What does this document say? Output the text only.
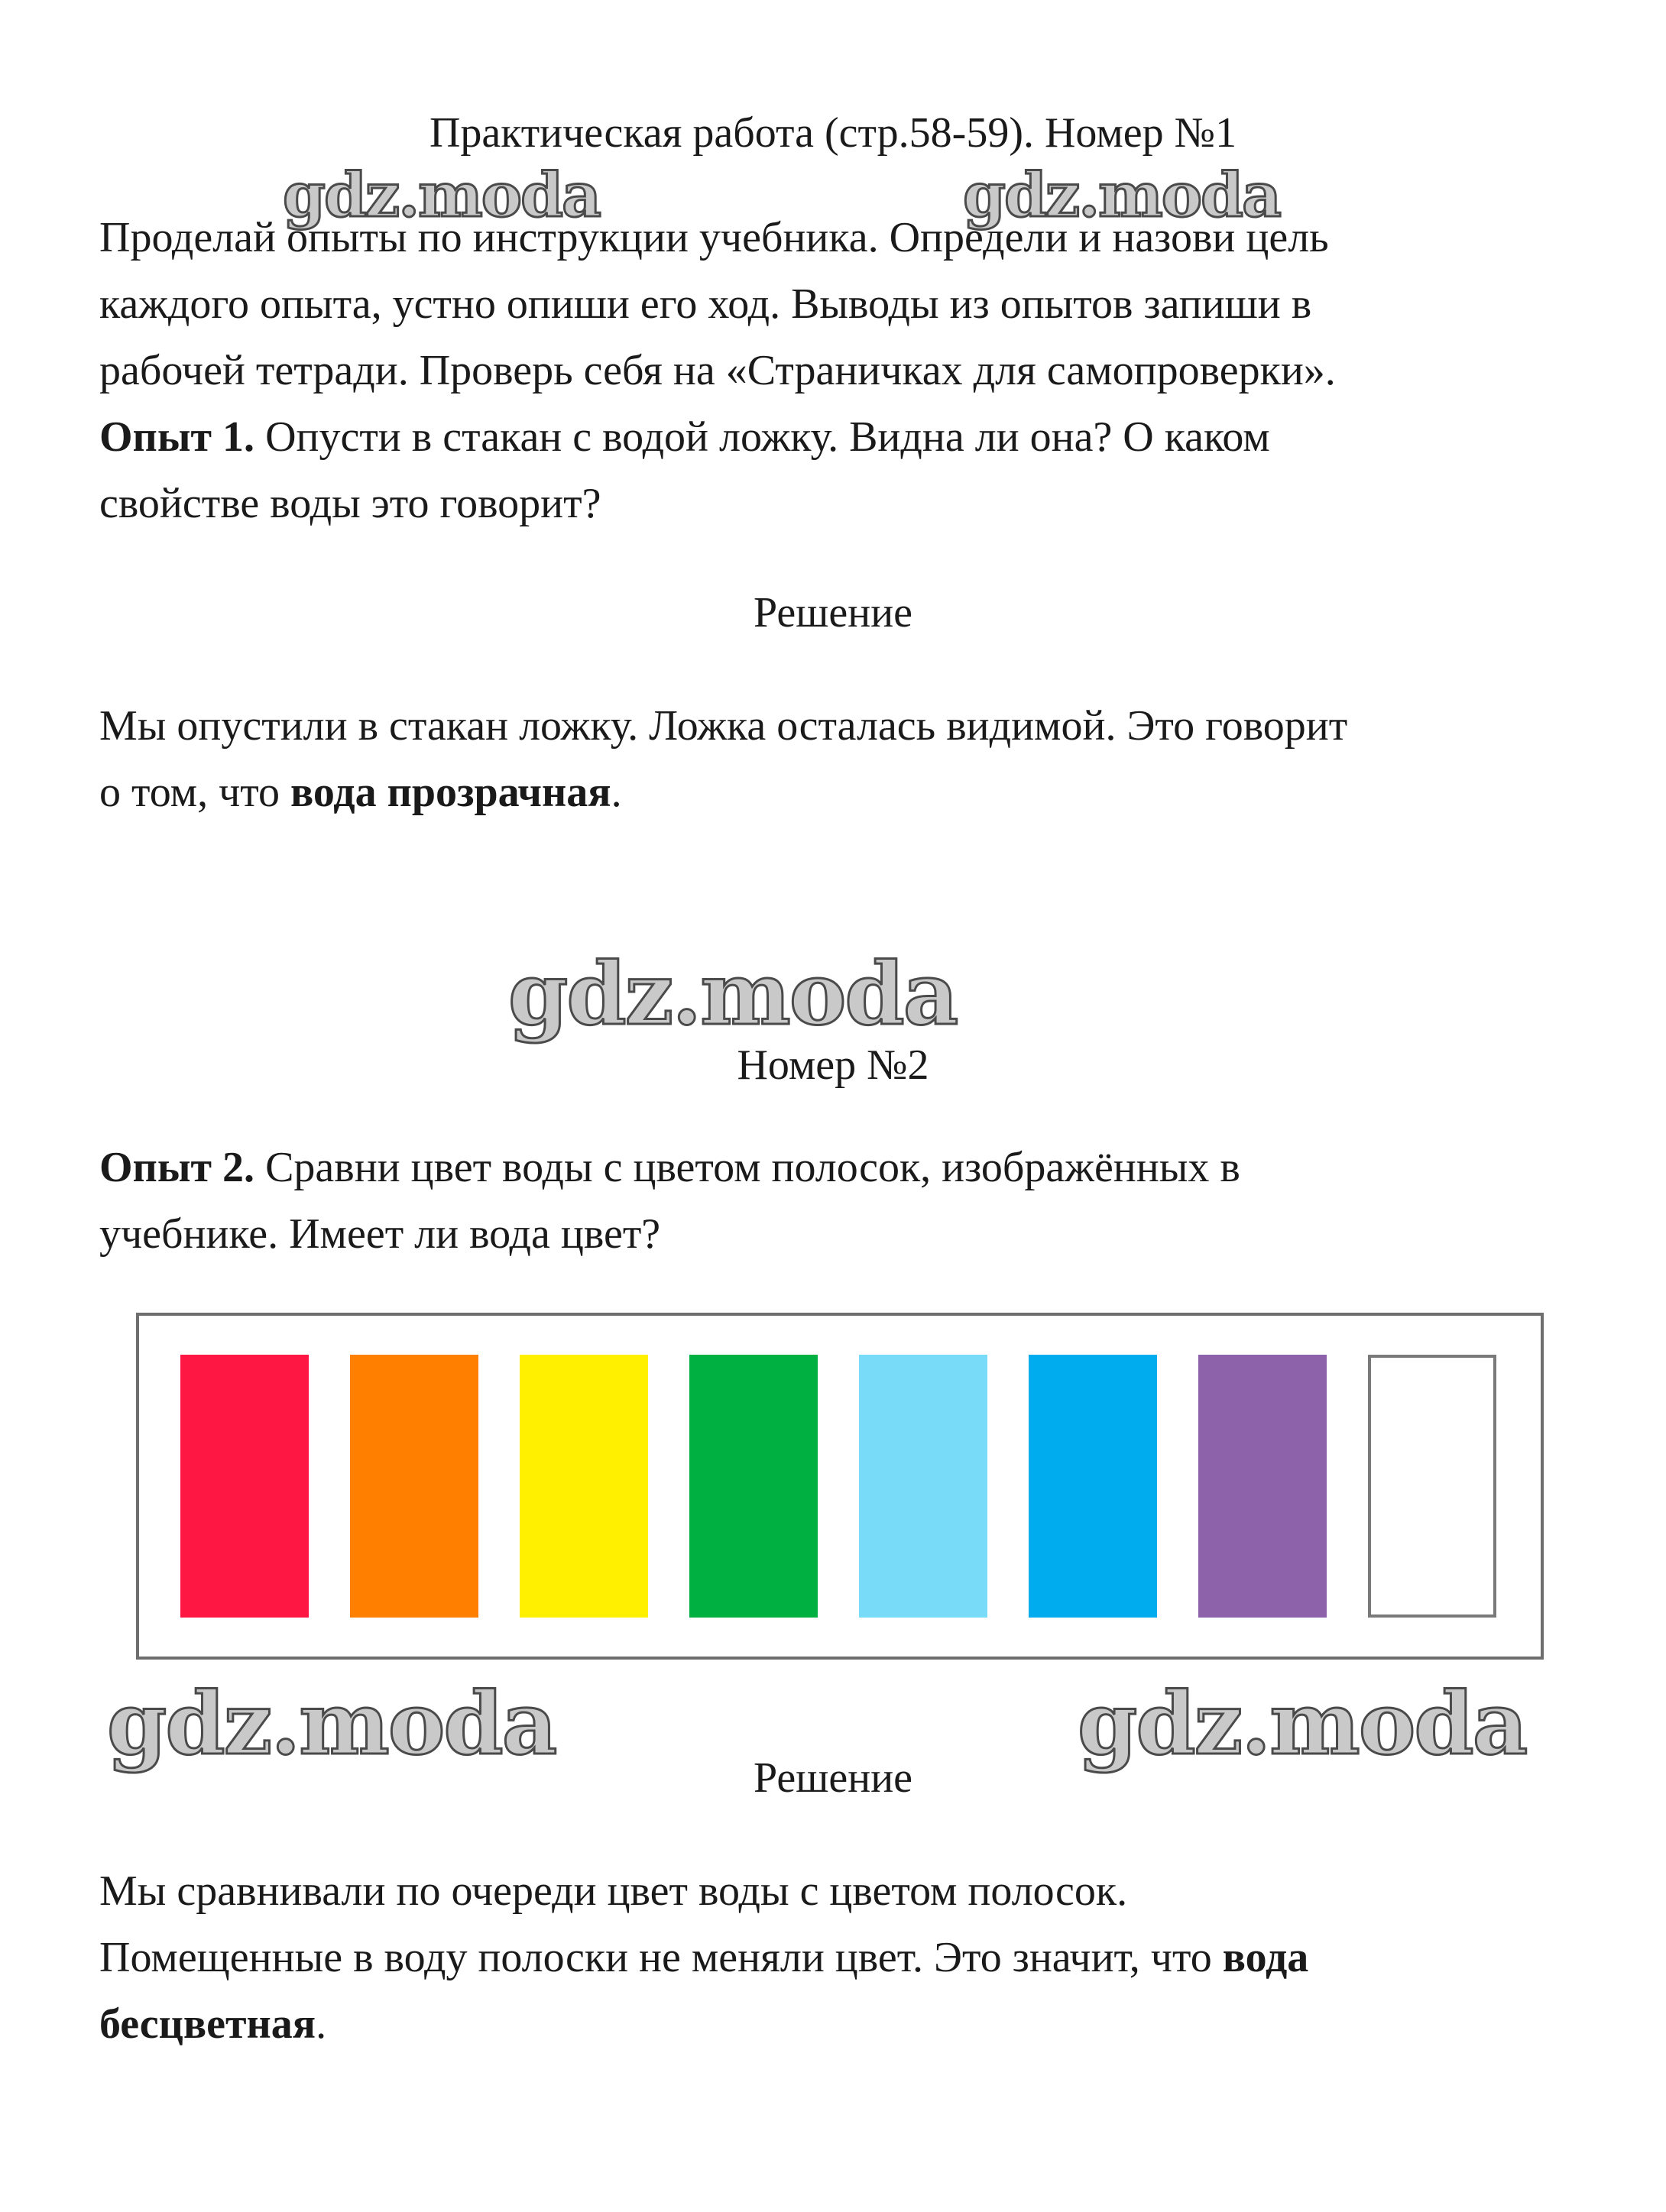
Практическая работа (стр.58-59). Номер №1
gdz.moda	gdz.moda
Проделай опыты по инструкции учебника. Определи и назови цель
каждого опыта, устно опиши его ход. Выводы из опытов запиши в
рабочей тетради. Проверь себя на «Страничках для самопроверки».
Опыт 1. Опусти в стакан с водой ложку. Видна ли она? О каком
свойстве воды это говорит?
Решение
Мы опустили в стакан ложку. Ложка осталась видимой. Это говорит
о том, что вода прозрачная.
gdz.moda
Номер №2
Опыт 2. Сравни цвет воды с цветом полосок, изображённых в
учебнике. Имеет ли вода цвет?
gdz.moda	gdz.moda
Решение
Мы сравнивали по очереди цвет воды с цветом полосок.
Помещенные в воду полоски не меняли цвет. Это значит, что вода
бесцветная.
